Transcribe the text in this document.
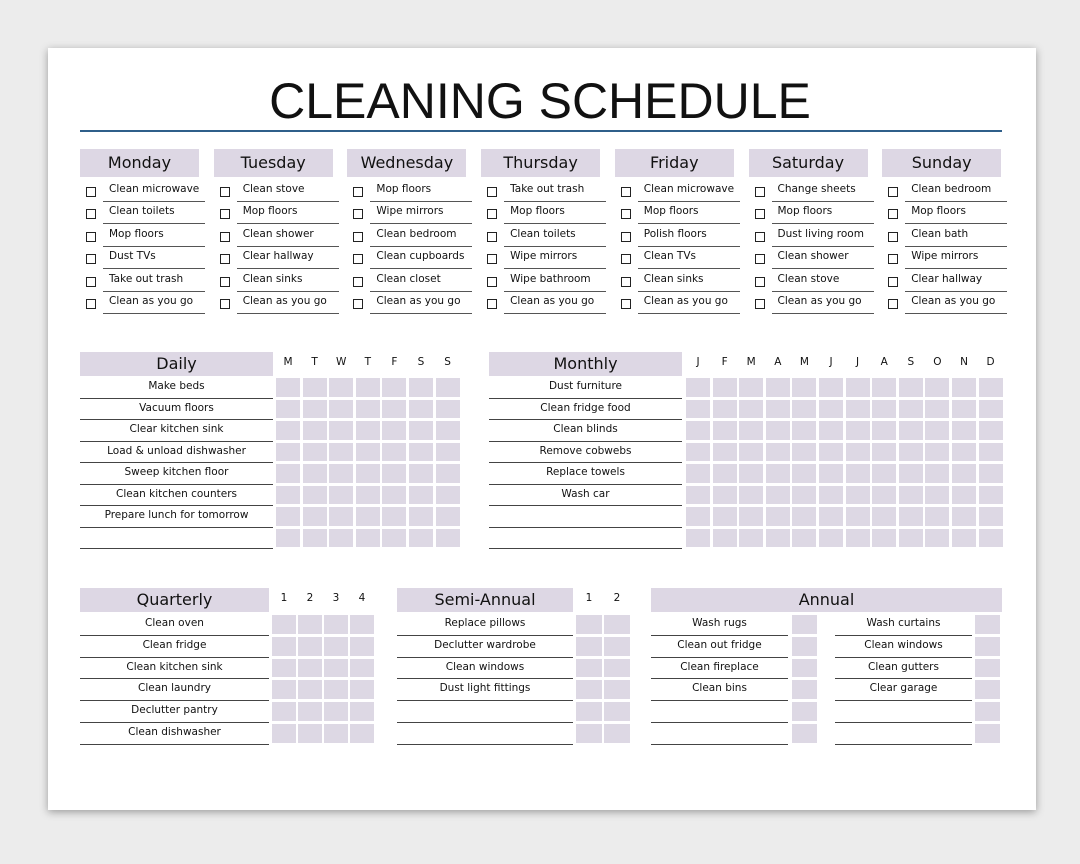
CLEANING SCHEDULE
Monday
Clean microwave
Clean toilets
Mop floors
Dust TVs
Take out trash
Clean as you go
Tuesday
Clean stove
Mop floors
Clean shower
Clear hallway
Clean sinks
Clean as you go
Wednesday
Mop floors
Wipe mirrors
Clean bedroom
Clean cupboards
Clean closet
Clean as you go
Thursday
Take out trash
Mop floors
Clean toilets
Wipe mirrors
Wipe bathroom
Clean as you go
Friday
Clean microwave
Mop floors
Polish floors
Clean TVs
Clean sinks
Clean as you go
Saturday
Change sheets
Mop floors
Dust living room
Clean shower
Clean stove
Clean as you go
Sunday
Clean bedroom
Mop floors
Clean bath
Wipe mirrors
Clear hallway
Clean as you go
Daily	M	T	W	T	F	S	S
Make beds
Vacuum floors
Clear kitchen sink
Load & unload dishwasher
Sweep kitchen floor
Clean kitchen counters
Prepare lunch for tomorrow
Monthly	J	F	M	A	M	J	J	A	S	O	N	D
Dust furniture
Clean fridge food
Clean blinds
Remove cobwebs
Replace towels
Wash car
Quarterly	1	2	3	4
Clean oven
Clean fridge
Clean kitchen sink
Clean laundry
Declutter pantry
Clean dishwasher
Semi-Annual	1	2
Replace pillows
Declutter wardrobe
Clean windows
Dust light fittings
Annual
Wash rugs
Clean out fridge
Clean fireplace
Clean bins
Wash curtains
Clean windows
Clean gutters
Clear garage
